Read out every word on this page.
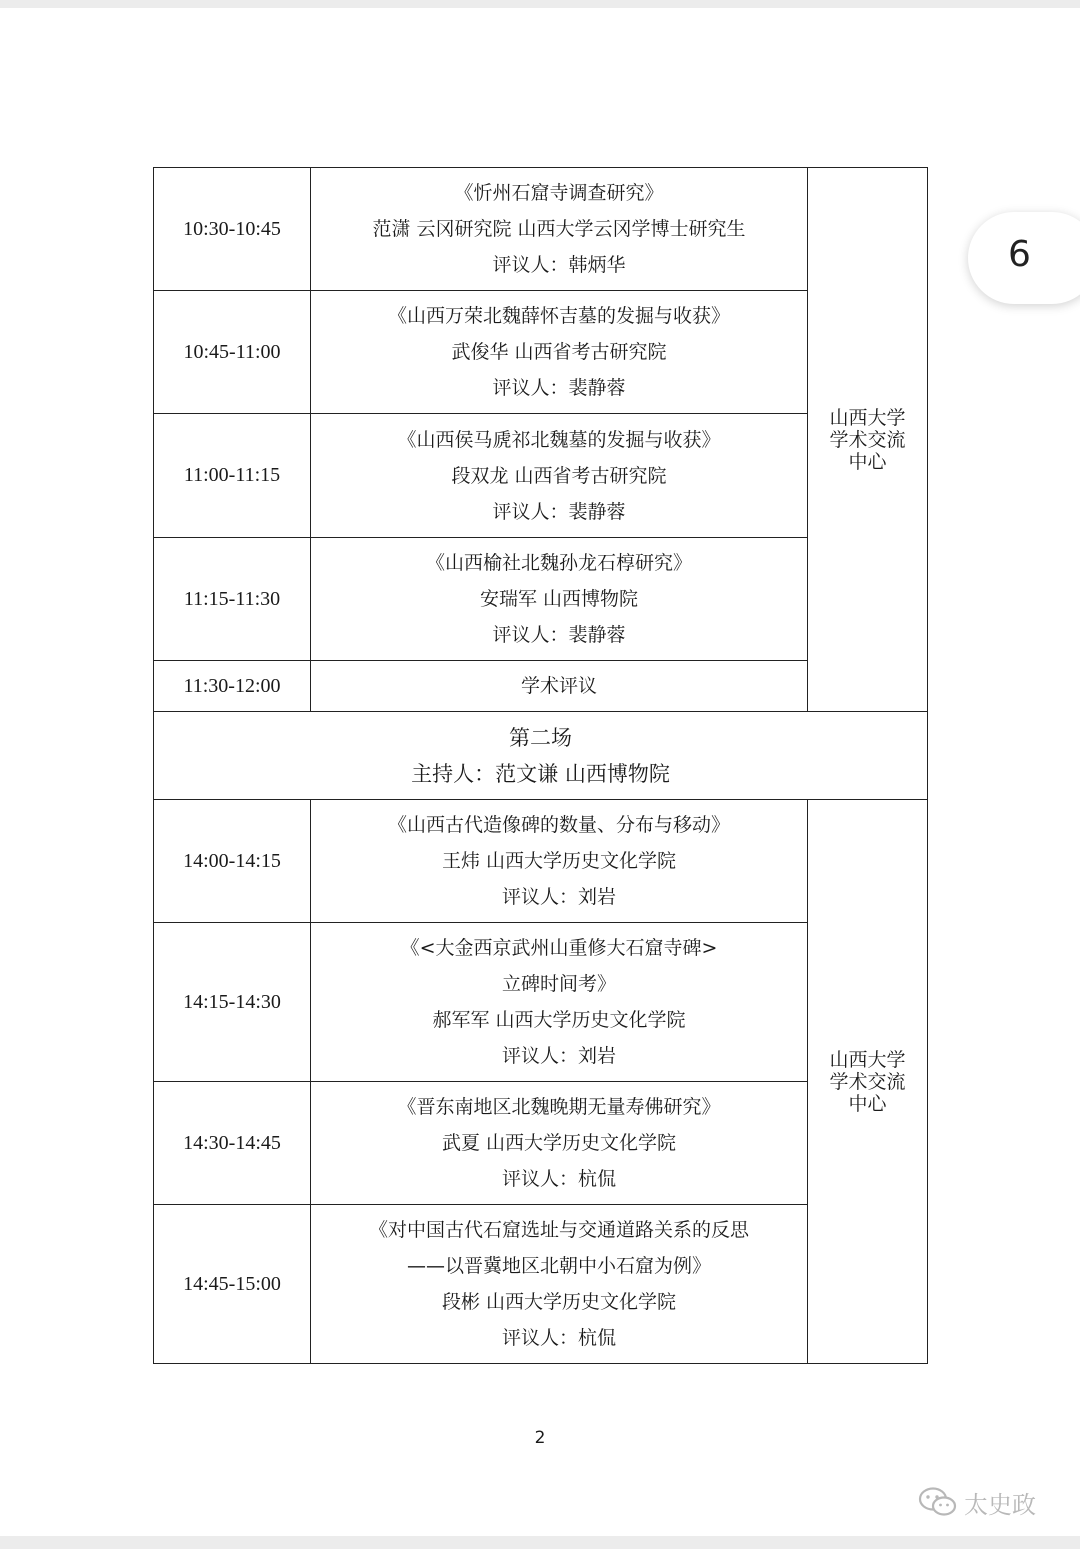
10:30-10:45	《忻州石窟寺调查研究》
范潇 云冈研究院 山西大学云冈学博士研究生
评议人：韩炳华	山西大学
学术交流
中心

10:45-11:00	《山西万荣北魏薛怀吉墓的发掘与收获》
武俊华 山西省考古研究院
评议人：裴静蓉	

11:00-11:15	《山西侯马虒祁北魏墓的发掘与收获》
段双龙 山西省考古研究院
评议人：裴静蓉	

11:15-11:30	《山西榆社北魏孙龙石椁研究》
安瑞军 山西博物院
评议人：裴静蓉	

11:30-12:00	学术评议	

第二场
主持人：范文谦 山西博物院		

14:00-14:15	《山西古代造像碑的数量、分布与移动》
王炜 山西大学历史文化学院
评议人：刘岩	山西大学
学术交流
中心

14:15-14:30	《<大金西京武州山重修大石窟寺碑>
立碑时间考》
郝军军 山西大学历史文化学院
评议人：刘岩	

14:30-14:45	《晋东南地区北魏晚期无量寿佛研究》
武夏 山西大学历史文化学院
评议人：杭侃	

14:45-15:00	《对中国古代石窟选址与交通道路关系的反思
——以晋冀地区北朝中小石窟为例》
段彬 山西大学历史文化学院
评议人：杭侃	
2
6
太史政
